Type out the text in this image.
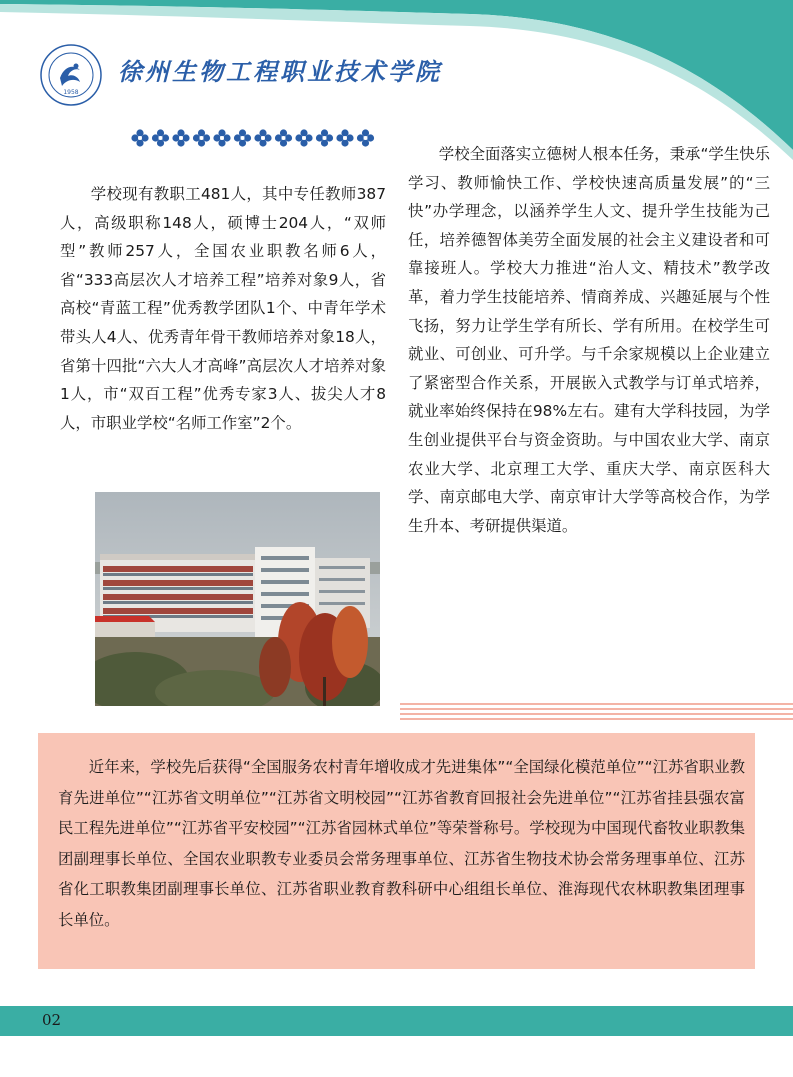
1958
徐州生物工程职业技术学院

学校现有教职工481人，其中专任教师387人，高级职称148人，硕博士204人，“双师型”教师257人，全国农业职教名师6人，省“333高层次人才培养工程”培养对象9人，省高校“青蓝工程”优秀教学团队1个、中青年学术带头人4人、优秀青年骨干教师培养对象18人，省第十四批“六大人才高峰”高层次人才培养对象1人，市“双百工程”优秀专家3人、拔尖人才8人，市职业学校“名师工作室”2个。

学校全面落实立德树人根本任务，秉承“学生快乐学习、教师愉快工作、学校快速高质量发展”的“三快”办学理念，以涵养学生人文、提升学生技能为己任，培养德智体美劳全面发展的社会主义建设者和可靠接班人。学校大力推进“治人文、精技术”教学改革，着力学生技能培养、情商养成、兴趣延展与个性飞扬，努力让学生学有所长、学有所用。在校学生可就业、可创业、可升学。与千余家规模以上企业建立了紧密型合作关系，开展嵌入式教学与订单式培养，就业率始终保持在98%左右。建有大学科技园，为学生创业提供平台与资金资助。与中国农业大学、南京农业大学、北京理工大学、重庆大学、南京医科大学、南京邮电大学、南京审计大学等高校合作，为学生升本、考研提供渠道。

近年来，学校先后获得“全国服务农村青年增收成才先进集体”“全国绿化模范单位”“江苏省职业教育先进单位”“江苏省文明单位”“江苏省文明校园”“江苏省教育回报社会先进单位”“江苏省挂县强农富民工程先进单位”“江苏省平安校园”“江苏省园林式单位”等荣誉称号。学校现为中国现代畜牧业职教集团副理事长单位、全国农业职教专业委员会常务理事单位、江苏省生物技术协会常务理事单位、江苏省化工职教集团副理事长单位、江苏省职业教育教科研中心组组长单位、淮海现代农林职教集团理事长单位。

02
